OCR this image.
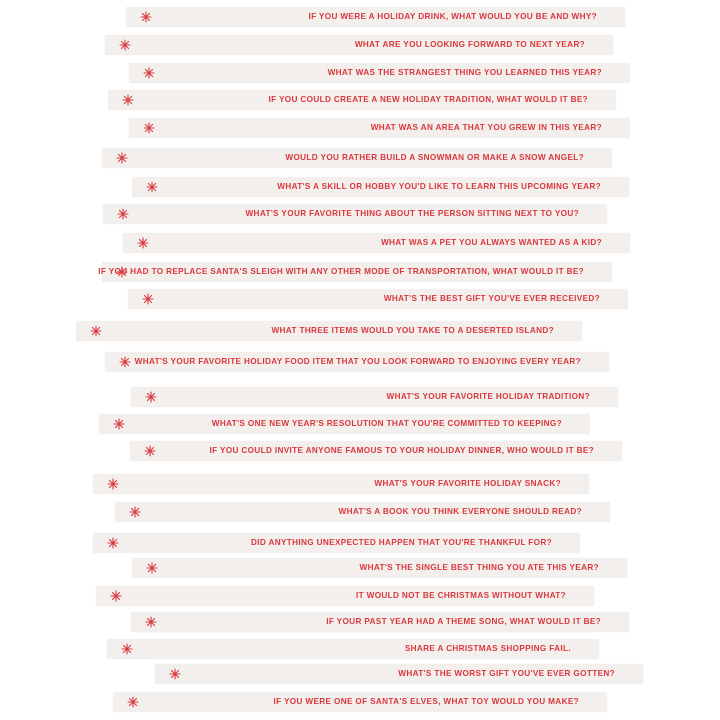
IF YOU WERE A HOLIDAY DRINK, WHAT WOULD YOU BE AND WHY?
WHAT ARE YOU LOOKING FORWARD TO NEXT YEAR?
WHAT WAS THE STRANGEST THING YOU LEARNED THIS YEAR?
IF YOU COULD CREATE A NEW HOLIDAY TRADITION, WHAT WOULD IT BE?
WHAT WAS AN AREA THAT YOU GREW IN THIS YEAR?
WOULD YOU RATHER BUILD A SNOWMAN OR MAKE A SNOW ANGEL?
WHAT'S A SKILL OR HOBBY YOU'D LIKE TO LEARN THIS UPCOMING YEAR?
WHAT'S YOUR FAVORITE THING ABOUT THE PERSON SITTING NEXT TO YOU?
WHAT WAS A PET YOU ALWAYS WANTED AS A KID?
IF YOU HAD TO REPLACE SANTA'S SLEIGH WITH ANY OTHER MODE OF TRANSPORTATION, WHAT WOULD IT BE?
WHAT'S THE BEST GIFT YOU'VE EVER RECEIVED?
WHAT THREE ITEMS WOULD YOU TAKE TO A DESERTED ISLAND?
WHAT'S YOUR FAVORITE HOLIDAY FOOD ITEM THAT YOU LOOK FORWARD TO ENJOYING EVERY YEAR?
WHAT'S YOUR FAVORITE HOLIDAY TRADITION?
WHAT'S ONE NEW YEAR'S RESOLUTION THAT YOU'RE COMMITTED TO KEEPING?
IF YOU COULD INVITE ANYONE FAMOUS TO YOUR HOLIDAY DINNER, WHO WOULD IT BE?
WHAT'S YOUR FAVORITE HOLIDAY SNACK?
WHAT'S A BOOK YOU THINK EVERYONE SHOULD READ?
DID ANYTHING UNEXPECTED HAPPEN THAT YOU'RE THANKFUL FOR?
WHAT'S THE SINGLE BEST THING YOU ATE THIS YEAR?
IT WOULD NOT BE CHRISTMAS WITHOUT WHAT?
IF YOUR PAST YEAR HAD A THEME SONG, WHAT WOULD IT BE?
SHARE A CHRISTMAS SHOPPING FAIL.
WHAT'S THE WORST GIFT YOU'VE EVER GOTTEN?
IF YOU WERE ONE OF SANTA'S ELVES, WHAT TOY WOULD YOU MAKE?
